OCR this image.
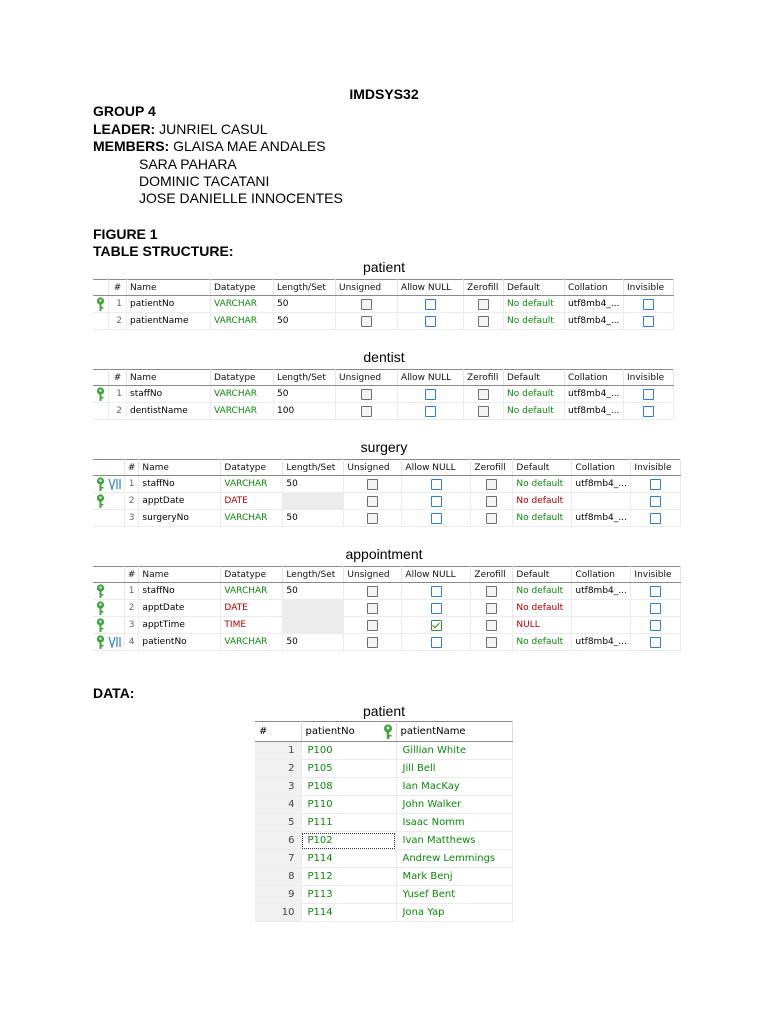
IMDSYS32
GROUP 4
LEADER: JUNRIEL CASUL
MEMBERS: GLAISA MAE ANDALES
SARA PAHARA
DOMINIC TACATANI
JOSE DANIELLE INNOCENTES
FIGURE 1
TABLE STRUCTURE:
patient
	#	Name	Datatype	Length/Set	Unsigned	Allow NULL	Zerofill	Default	Collation	Invisible
	1	patientNo	VARCHAR	50				No default	utf8mb4_...	
	2	patientName	VARCHAR	50				No default	utf8mb4_...	
dentist
	#	Name	Datatype	Length/Set	Unsigned	Allow NULL	Zerofill	Default	Collation	Invisible
	1	staffNo	VARCHAR	50				No default	utf8mb4_...	
	2	dentistName	VARCHAR	100				No default	utf8mb4_...	
surgery
	#	Name	Datatype	Length/Set	Unsigned	Allow NULL	Zerofill	Default	Collation	Invisible
	1	staffNo	VARCHAR	50				No default	utf8mb4_...	
	2	apptDate	DATE					No default		
	3	surgeryNo	VARCHAR	50				No default	utf8mb4_...	
appointment
	#	Name	Datatype	Length/Set	Unsigned	Allow NULL	Zerofill	Default	Collation	Invisible
	1	staffNo	VARCHAR	50				No default	utf8mb4_...	
	2	apptDate	DATE					No default		
	3	apptTime	TIME					NULL		
	4	patientNo	VARCHAR	50				No default	utf8mb4_...	
DATA:
patient
#	patientNo	patientName
1	P100	Gillian White
2	P105	Jill Bell
3	P108	Ian MacKay
4	P110	John Walker
5	P111	Isaac Nomm
6	P102	Ivan Matthews
7	P114	Andrew Lemmings
8	P112	Mark Benj
9	P113	Yusef Bent
10	P114	Jona Yap
